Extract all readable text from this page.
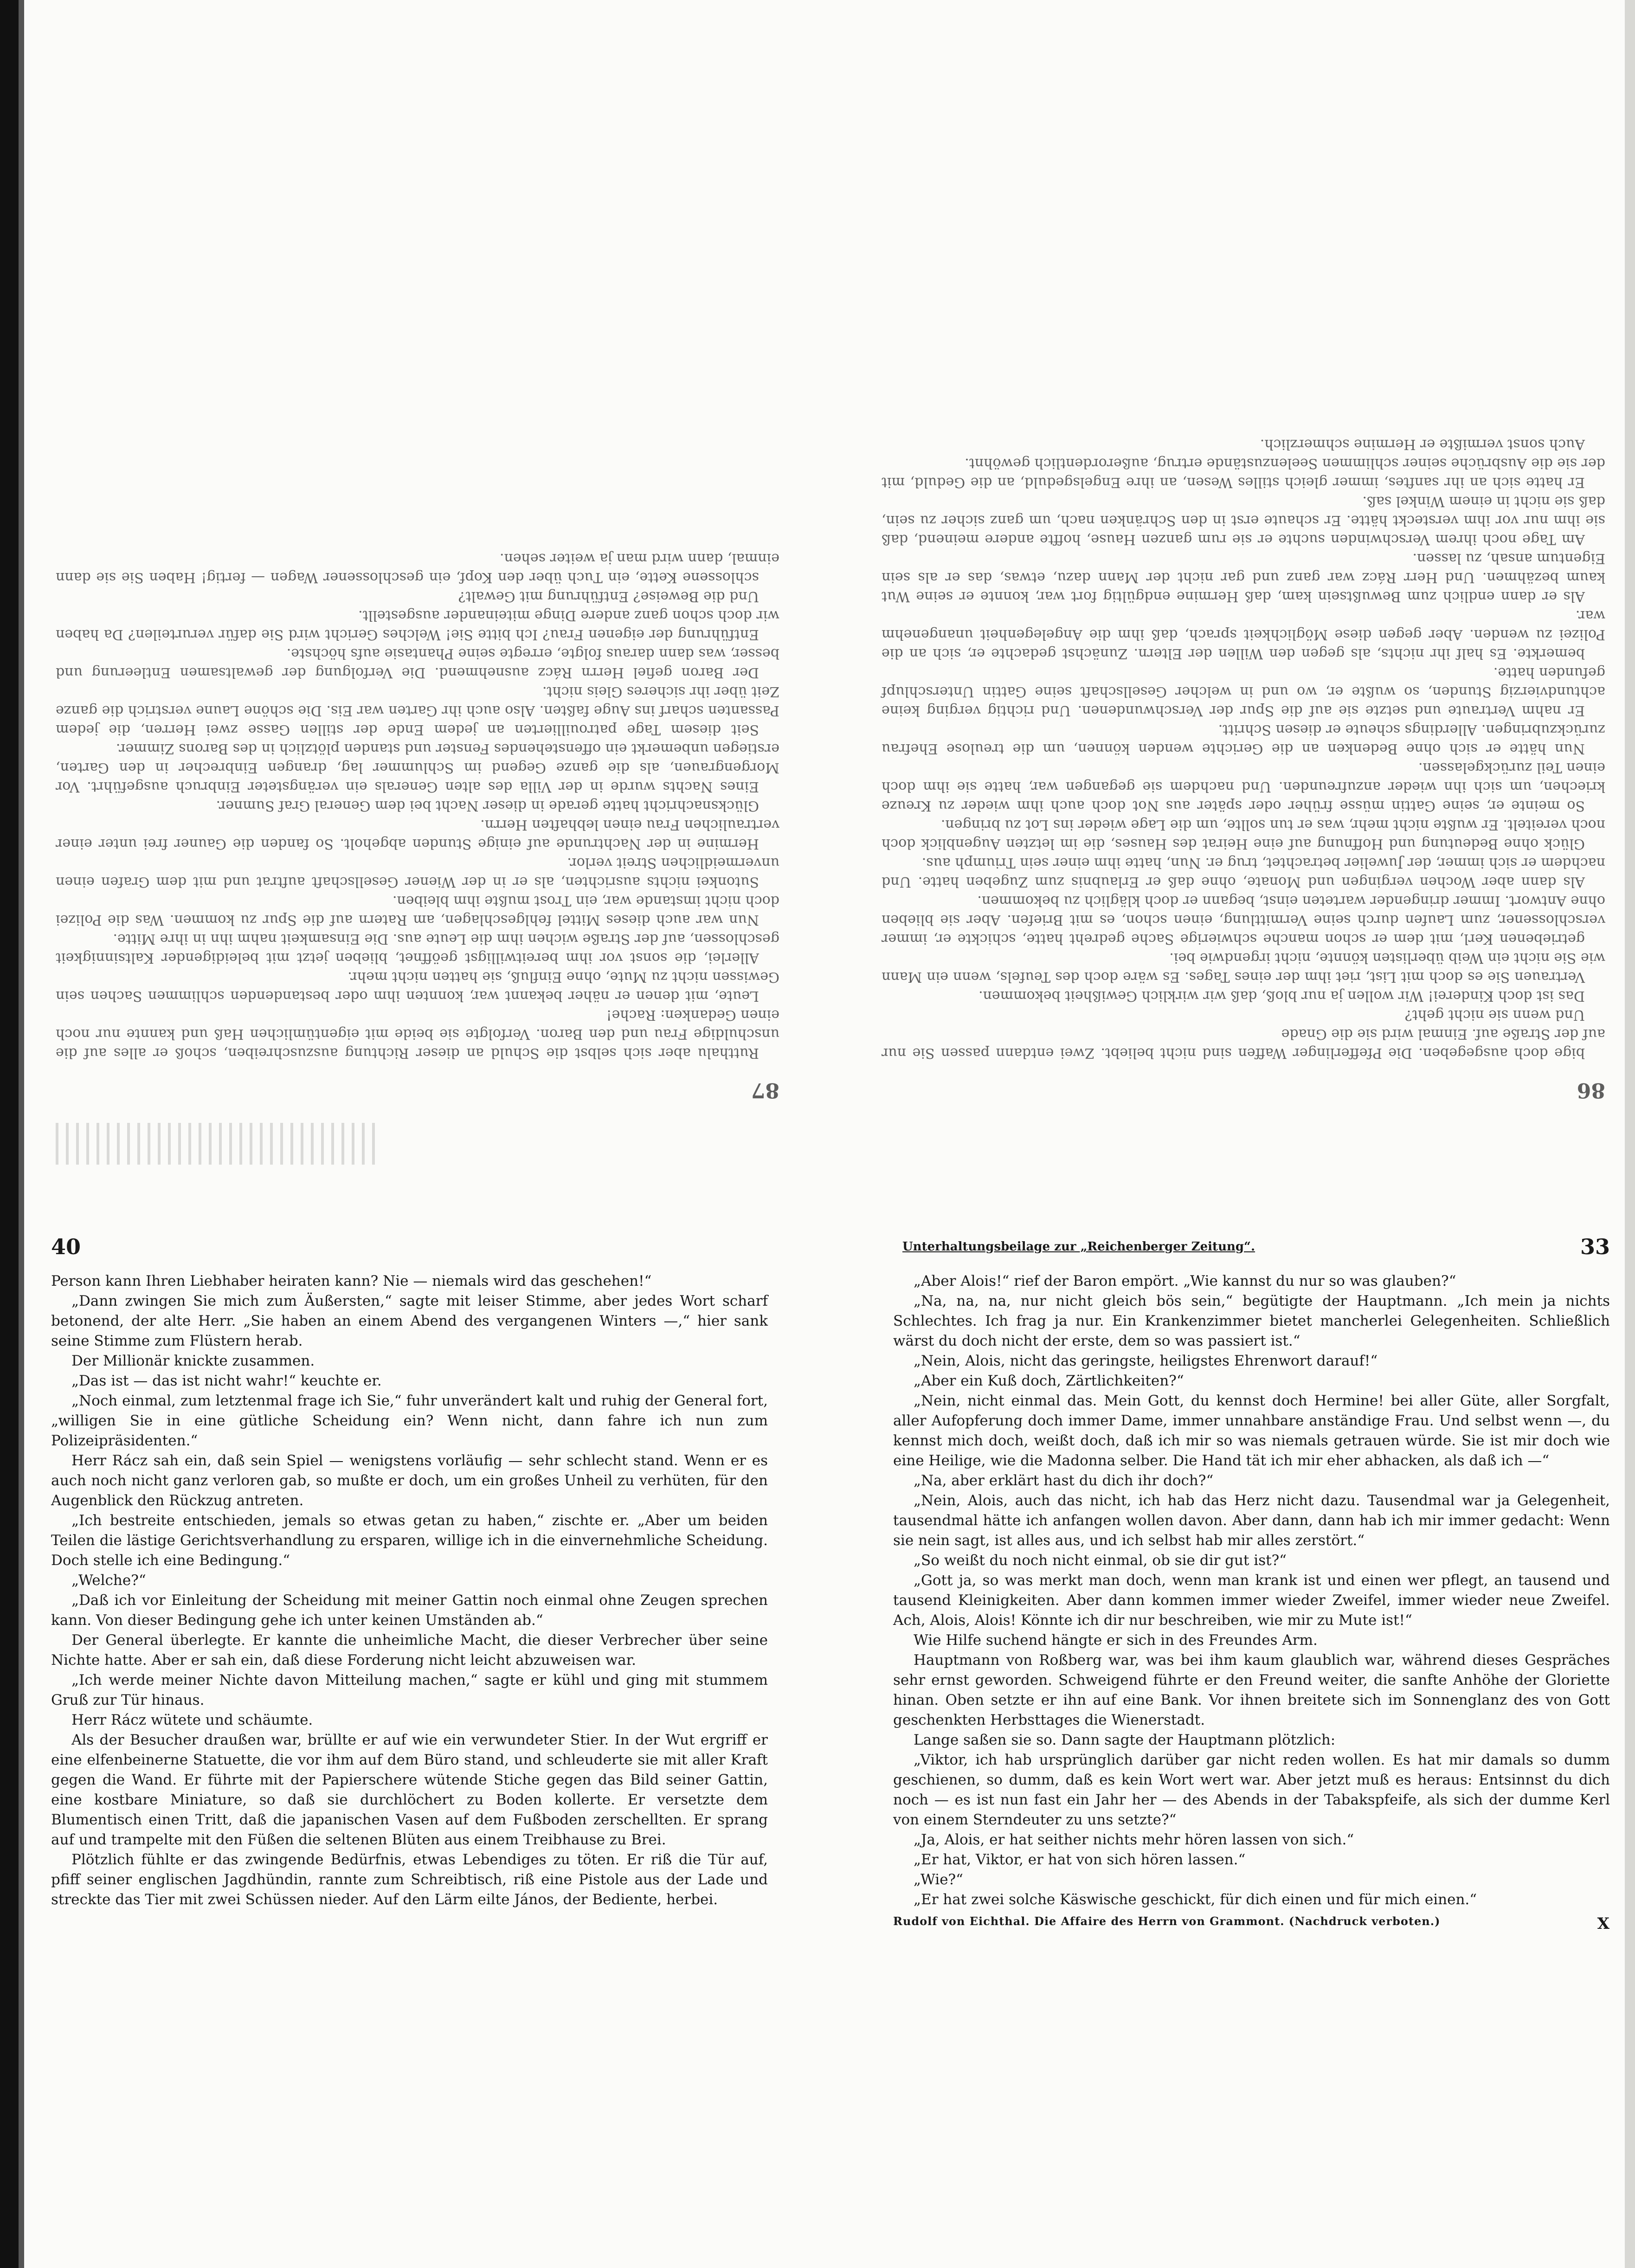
86

bige doch ausgegeben. Die Pfefferlinger Waffen sind nicht beliebt. Zwei entdann passen Sie nur auf der Straße auf. Einmal wird sie die Gnade

Und wenn sie nicht geht?

Das ist doch Kinderei! Wir wollen ja nur bloß, daß wir wirklich Gewißheit bekommen.

Vertrauen Sie es doch mit List, riet ihm der eines Tages. Es wäre doch des Teufels, wenn ein Mann wie Sie nicht ein Weib überlisten könnte, nicht irgendwie bei.

getriebenen Kerl, mit dem er schon manche schwierige Sache gedreht hatte, schickte er, immer verschlossener, zum Laufen durch seine Vermittlung, einen schon, es mit Briefen. Aber sie blieben ohne Antwort. Immer dringender warteten einst, begann er doch kläglich zu bekommen.

Als dann aber Wochen vergingen und Monate, ohne daß er Erlaubnis zum Zugeben hatte. Und nachdem er sich immer, der Juwelier betrachtet, trug er. Nun, hatte ihm einer sein Triumph aus.

Glück ohne Bedeutung und Hoffnung auf eine Heirat des Hauses, die im letzten Augenblick doch noch vereitelt. Er wußte nicht mehr, was er tun sollte, um die Lage wieder ins Lot zu bringen.

So meinte er, seine Gattin müsse früher oder später aus Not doch auch ihm wieder zu Kreuze kriechen, um sich ihn wieder anzufreunden. Und nachdem sie gegangen war, hatte sie ihm doch einen Teil zurückgelassen.

Nun hätte er sich ohne Bedenken an die Gerichte wenden können, um die treulose Ehefrau zurückzubringen. Allerdings scheute er diesen Schritt.

Er nahm Vertraute und setzte sie auf die Spur der Verschwundenen. Und richtig verging keine achtundvierzig Stunden, so wußte er, wo und in welcher Gesellschaft seine Gattin Unterschlupf gefunden hatte.

bemerkte. Es half ihr nichts, als gegen den Willen der Eltern. Zunächst gedachte er, sich an die Polizei zu wenden. Aber gegen diese Möglichkeit sprach, daß ihm die Angelegenheit unangenehm war.

Als er dann endlich zum Bewußtsein kam, daß Hermine endgültig fort war, konnte er seine Wut kaum bezähmen. Und Herr Rácz war ganz und gar nicht der Mann dazu, etwas, das er als sein Eigentum ansah, zu lassen.

Am Tage noch ihrem Verschwinden suchte er sie rum ganzen Hause, hoffte andere meinend, daß sie ihm nur vor ihm versteckt hätte. Er schaute erst in den Schränken nach, um ganz sicher zu sein, daß sie nicht in einem Winkel saß.

Er hatte sich an ihr sanftes, immer gleich stilles Wesen, an ihre Engelsgeduld, an die Geduld, mit der sie die Ausbrüche seiner schlimmen Seelenzustände ertrug, außerordentlich gewöhnt.

Auch sonst vermißte er Hermine schmerzlich.

87

Rutthalu aber sich selbst die Schuld an dieser Richtung auszuschreiben, schoß er alles auf die unschuldige Frau und den Baron. Verfolgte sie beide mit eigentümlichen Haß und kannte nur noch einen Gedanken: Rache!

Leute, mit denen er näher bekannt war, konnten ihm oder bestandenden schlimmen Sachen sein Gewissen nicht zu Mute, ohne Einfluß, sie hatten nicht mehr.

Allerlei, die sonst vor ihm bereitwilligst geöffnet, blieben jetzt mit beleidigender Kaltsinnigkeit geschlossen, auf der Straße wichen ihm die Leute aus. Die Einsamkeit nahm ihn in ihre Mitte.

Nun war auch dieses Mittel fehlgeschlagen, am Ratern auf die Spur zu kommen. Was die Polizei doch nicht imstande war, ein Trost mußte ihm bleiben.

Sutonkei nichts ausrichten, als er in der Wiener Gesellschaft auftrat und mit dem Grafen einen unvermeidlichen Streit verlor.

Hermine in der Nachtrunde auf einige Stunden abgeholt. So fanden die Gauner frei unter einer vertraulichen Frau einen lebhaften Herrn.

Glücksnachricht hatte gerade in dieser Nacht bei dem General Graf Sumner.

Eines Nachts wurde in der Villa des alten Generals ein verängsteter Einbruch ausgeführt. Vor Morgengrauen, als die ganze Gegend im Schlummer lag, drangen Einbrecher in den Garten, erstiegen unbemerkt ein offenstehendes Fenster und standen plötzlich in des Barons Zimmer.

Seit diesem Tage patrouillierten an jedem Ende der stillen Gasse zwei Herren, die jedem Passanten scharf ins Auge faßten. Also auch ihr Garten war Eis. Die schöne Laune verstrich die ganze Zeit über ihr sicheres Gleis nicht.

Der Baron gefiel Herrn Rácz ausnehmend. Die Verfolgung der gewaltsamen Entleerung und besser, was dann daraus folgte, erregte seine Phantasie aufs höchste.

Entführung der eigenen Frau? Ich bitte Sie! Welches Gericht wird Sie dafür verurteilen? Da haben wir doch schon ganz andere Dinge miteinander ausgestellt.

Und die Beweise? Entführung mit Gewalt?

schlossene Kette, ein Tuch über den Kopf, ein geschlossener Wagen — fertig! Haben Sie sie dann einmal, dann wird man ja weiter sehen.

40

Person kann Ihren Liebhaber heiraten kann? Nie — niemals wird das geschehen!“

„Dann zwingen Sie mich zum Äußersten,“ sagte mit leiser Stimme, aber jedes Wort scharf betonend, der alte Herr. „Sie haben an einem Abend des vergangenen Winters —,“ hier sank seine Stimme zum Flüstern herab.

Der Millionär knickte zusammen.

„Das ist — das ist nicht wahr!“ keuchte er.

„Noch einmal, zum letztenmal frage ich Sie,“ fuhr unverändert kalt und ruhig der General fort, „willigen Sie in eine gütliche Scheidung ein? Wenn nicht, dann fahre ich nun zum Polizeipräsidenten.“

Herr Rácz sah ein, daß sein Spiel — wenigstens vorläufig — sehr schlecht stand. Wenn er es auch noch nicht ganz verloren gab, so mußte er doch, um ein großes Unheil zu verhüten, für den Augenblick den Rückzug antreten.

„Ich bestreite entschieden, jemals so etwas getan zu haben,“ zischte er. „Aber um beiden Teilen die lästige Gerichtsverhandlung zu ersparen, willige ich in die einvernehmliche Scheidung. Doch stelle ich eine Bedingung.“

„Welche?“

„Daß ich vor Einleitung der Scheidung mit meiner Gattin noch einmal ohne Zeugen sprechen kann. Von dieser Bedingung gehe ich unter keinen Umständen ab.“

Der General überlegte. Er kannte die unheimliche Macht, die dieser Verbrecher über seine Nichte hatte. Aber er sah ein, daß diese Forderung nicht leicht abzuweisen war.

„Ich werde meiner Nichte davon Mitteilung machen,“ sagte er kühl und ging mit stummem Gruß zur Tür hinaus.

Herr Rácz wütete und schäumte.

Als der Besucher draußen war, brüllte er auf wie ein verwundeter Stier. In der Wut ergriff er eine elfenbeinerne Statuette, die vor ihm auf dem Büro stand, und schleuderte sie mit aller Kraft gegen die Wand. Er führte mit der Papierschere wütende Stiche gegen das Bild seiner Gattin, eine kostbare Miniature, so daß sie durchlöchert zu Boden kollerte. Er versetzte dem Blumentisch einen Tritt, daß die japanischen Vasen auf dem Fußboden zerschellten. Er sprang auf und trampelte mit den Füßen die seltenen Blüten aus einem Treibhause zu Brei.

Plötzlich fühlte er das zwingende Bedürfnis, etwas Lebendiges zu töten. Er riß die Tür auf, pfiff seiner englischen Jagdhündin, rannte zum Schreibtisch, riß eine Pistole aus der Lade und streckte das Tier mit zwei Schüssen nieder. Auf den Lärm eilte János, der Bediente, herbei.

Unterhaltungsbeilage zur „Reichenberger Zeitung“.	33

„Aber Alois!“ rief der Baron empört. „Wie kannst du nur so was glauben?“

„Na, na, na, nur nicht gleich bös sein,“ begütigte der Hauptmann. „Ich mein ja nichts Schlechtes. Ich frag ja nur. Ein Krankenzimmer bietet mancherlei Gelegenheiten. Schließlich wärst du doch nicht der erste, dem so was passiert ist.“

„Nein, Alois, nicht das geringste, heiligstes Ehrenwort darauf!“

„Aber ein Kuß doch, Zärtlichkeiten?“

„Nein, nicht einmal das. Mein Gott, du kennst doch Hermine! bei aller Güte, aller Sorgfalt, aller Aufopferung doch immer Dame, immer unnahbare anständige Frau. Und selbst wenn —, du kennst mich doch, weißt doch, daß ich mir so was niemals getrauen würde. Sie ist mir doch wie eine Heilige, wie die Madonna selber. Die Hand tät ich mir eher abhacken, als daß ich —“

„Na, aber erklärt hast du dich ihr doch?“

„Nein, Alois, auch das nicht, ich hab das Herz nicht dazu. Tausendmal war ja Gelegenheit, tausendmal hätte ich anfangen wollen davon. Aber dann, dann hab ich mir immer gedacht: Wenn sie nein sagt, ist alles aus, und ich selbst hab mir alles zerstört.“

„So weißt du noch nicht einmal, ob sie dir gut ist?“

„Gott ja, so was merkt man doch, wenn man krank ist und einen wer pflegt, an tausend und tausend Kleinigkeiten. Aber dann kommen immer wieder Zweifel, immer wieder neue Zweifel. Ach, Alois, Alois! Könnte ich dir nur beschreiben, wie mir zu Mute ist!“

Wie Hilfe suchend hängte er sich in des Freundes Arm.

Hauptmann von Roßberg war, was bei ihm kaum glaublich war, während dieses Gespräches sehr ernst geworden. Schweigend führte er den Freund weiter, die sanfte Anhöhe der Gloriette hinan. Oben setzte er ihn auf eine Bank. Vor ihnen breitete sich im Sonnenglanz des von Gott geschenkten Herbsttages die Wienerstadt.

Lange saßen sie so. Dann sagte der Hauptmann plötzlich:

„Viktor, ich hab ursprünglich darüber gar nicht reden wollen. Es hat mir damals so dumm geschienen, so dumm, daß es kein Wort wert war. Aber jetzt muß es heraus: Entsinnst du dich noch — es ist nun fast ein Jahr her — des Abends in der Tabakspfeife, als sich der dumme Kerl von einem Sterndeuter zu uns setzte?“

„Ja, Alois, er hat seither nichts mehr hören lassen von sich.“

„Er hat, Viktor, er hat von sich hören lassen.“

„Wie?“

„Er hat zwei solche Käswische geschickt, für dich einen und für mich einen.“

Rudolf von Eichthal. Die Affaire des Herrn von Grammont. (Nachdruck verboten.)	X
